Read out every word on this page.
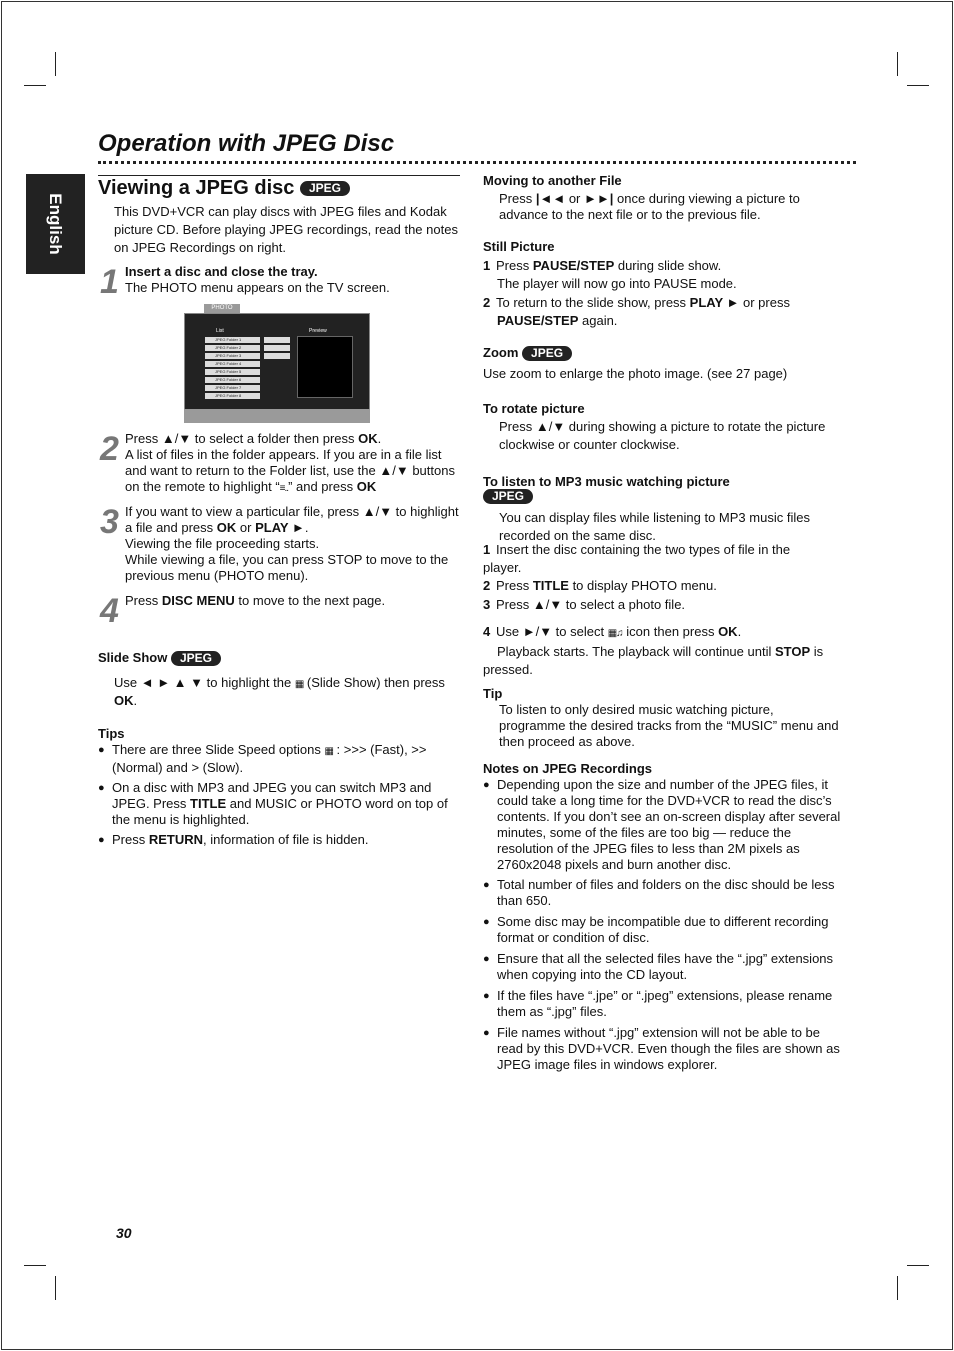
English
Operation with JPEG Disc
Viewing a JPEG disc JPEG
This DVD+VCR can play discs with JPEG files and Kodak picture CD. Before playing JPEG recordings, read the notes on JPEG Recordings on right.
1 Insert a disc and close the tray.
The PHOTO menu appears on the TV screen.
PHOTO
List	Preview
JPEG Folder 1
JPEG Folder 2
JPEG Folder 3
JPEG Folder 4
JPEG Folder 5
JPEG Folder 6
JPEG Folder 7
JPEG Folder 8
2 Press ▲/▼ to select a folder then press OK.
A list of files in the folder appears. If you are in a file list and want to return to the Folder list, use the ▲/▼ buttons on the remote to highlight “≡..” and press OK
3 If you want to view a particular file, press ▲/▼ to highlight a file and press OK or PLAY ►.
Viewing the file proceeding starts.
While viewing a file, you can press STOP to move to the previous menu (PHOTO menu).
4 Press DISC MENU to move to the next page.
Slide Show JPEG
Use ◄ ► ▲ ▼ to highlight the ▦ (Slide Show) then press OK.
Tips
● There are three Slide Speed options ▦ : >>> (Fast), >> (Normal) and > (Slow).
● On a disc with MP3 and JPEG you can switch MP3 and JPEG. Press TITLE and MUSIC or PHOTO word on top of the menu is highlighted.
● Press RETURN, information of file is hidden.
Moving to another File
Press |◄◄ or ►►| once during viewing a picture to advance to the next file or to the previous file.
Still Picture
1 Press PAUSE/STEP during slide show.
The player will now go into PAUSE mode.
2 To return to the slide show, press PLAY ► or press
PAUSE/STEP again.
Zoom JPEG
Use zoom to enlarge the photo image. (see 27 page)
To rotate picture
Press ▲/▼ during showing a picture to rotate the picture clockwise or counter clockwise.
To listen to MP3 music watching picture
JPEG
You can display files while listening to MP3 music files recorded on the same disc.
1 Insert the disc containing the two types of file in the player.
2 Press TITLE to display PHOTO menu.
3 Press ▲/▼ to select a photo file.
4 Use ►/▼ to select ▦♫ icon then press OK.
Playback starts. The playback will continue until STOP is pressed.
Tip
To listen to only desired music watching picture, programme the desired tracks from the “MUSIC” menu and then proceed as above.
Notes on JPEG Recordings
● Depending upon the size and number of the JPEG files, it could take a long time for the DVD+VCR to read the disc’s contents. If you don’t see an on-screen display after several minutes, some of the files are too big — reduce the resolution of the JPEG files to less than 2M pixels as 2760x2048 pixels and burn another disc.
● Total number of files and folders on the disc should be less than 650.
● Some disc may be incompatible due to different recording format or condition of disc.
● Ensure that all the selected files have the “.jpg” extensions when copying into the CD layout.
● If the files have “.jpe” or “.jpeg” extensions, please rename them as “.jpg” files.
● File names without “.jpg” extension will not be able to be read by this DVD+VCR. Even though the files are shown as JPEG image files in windows explorer.
30
